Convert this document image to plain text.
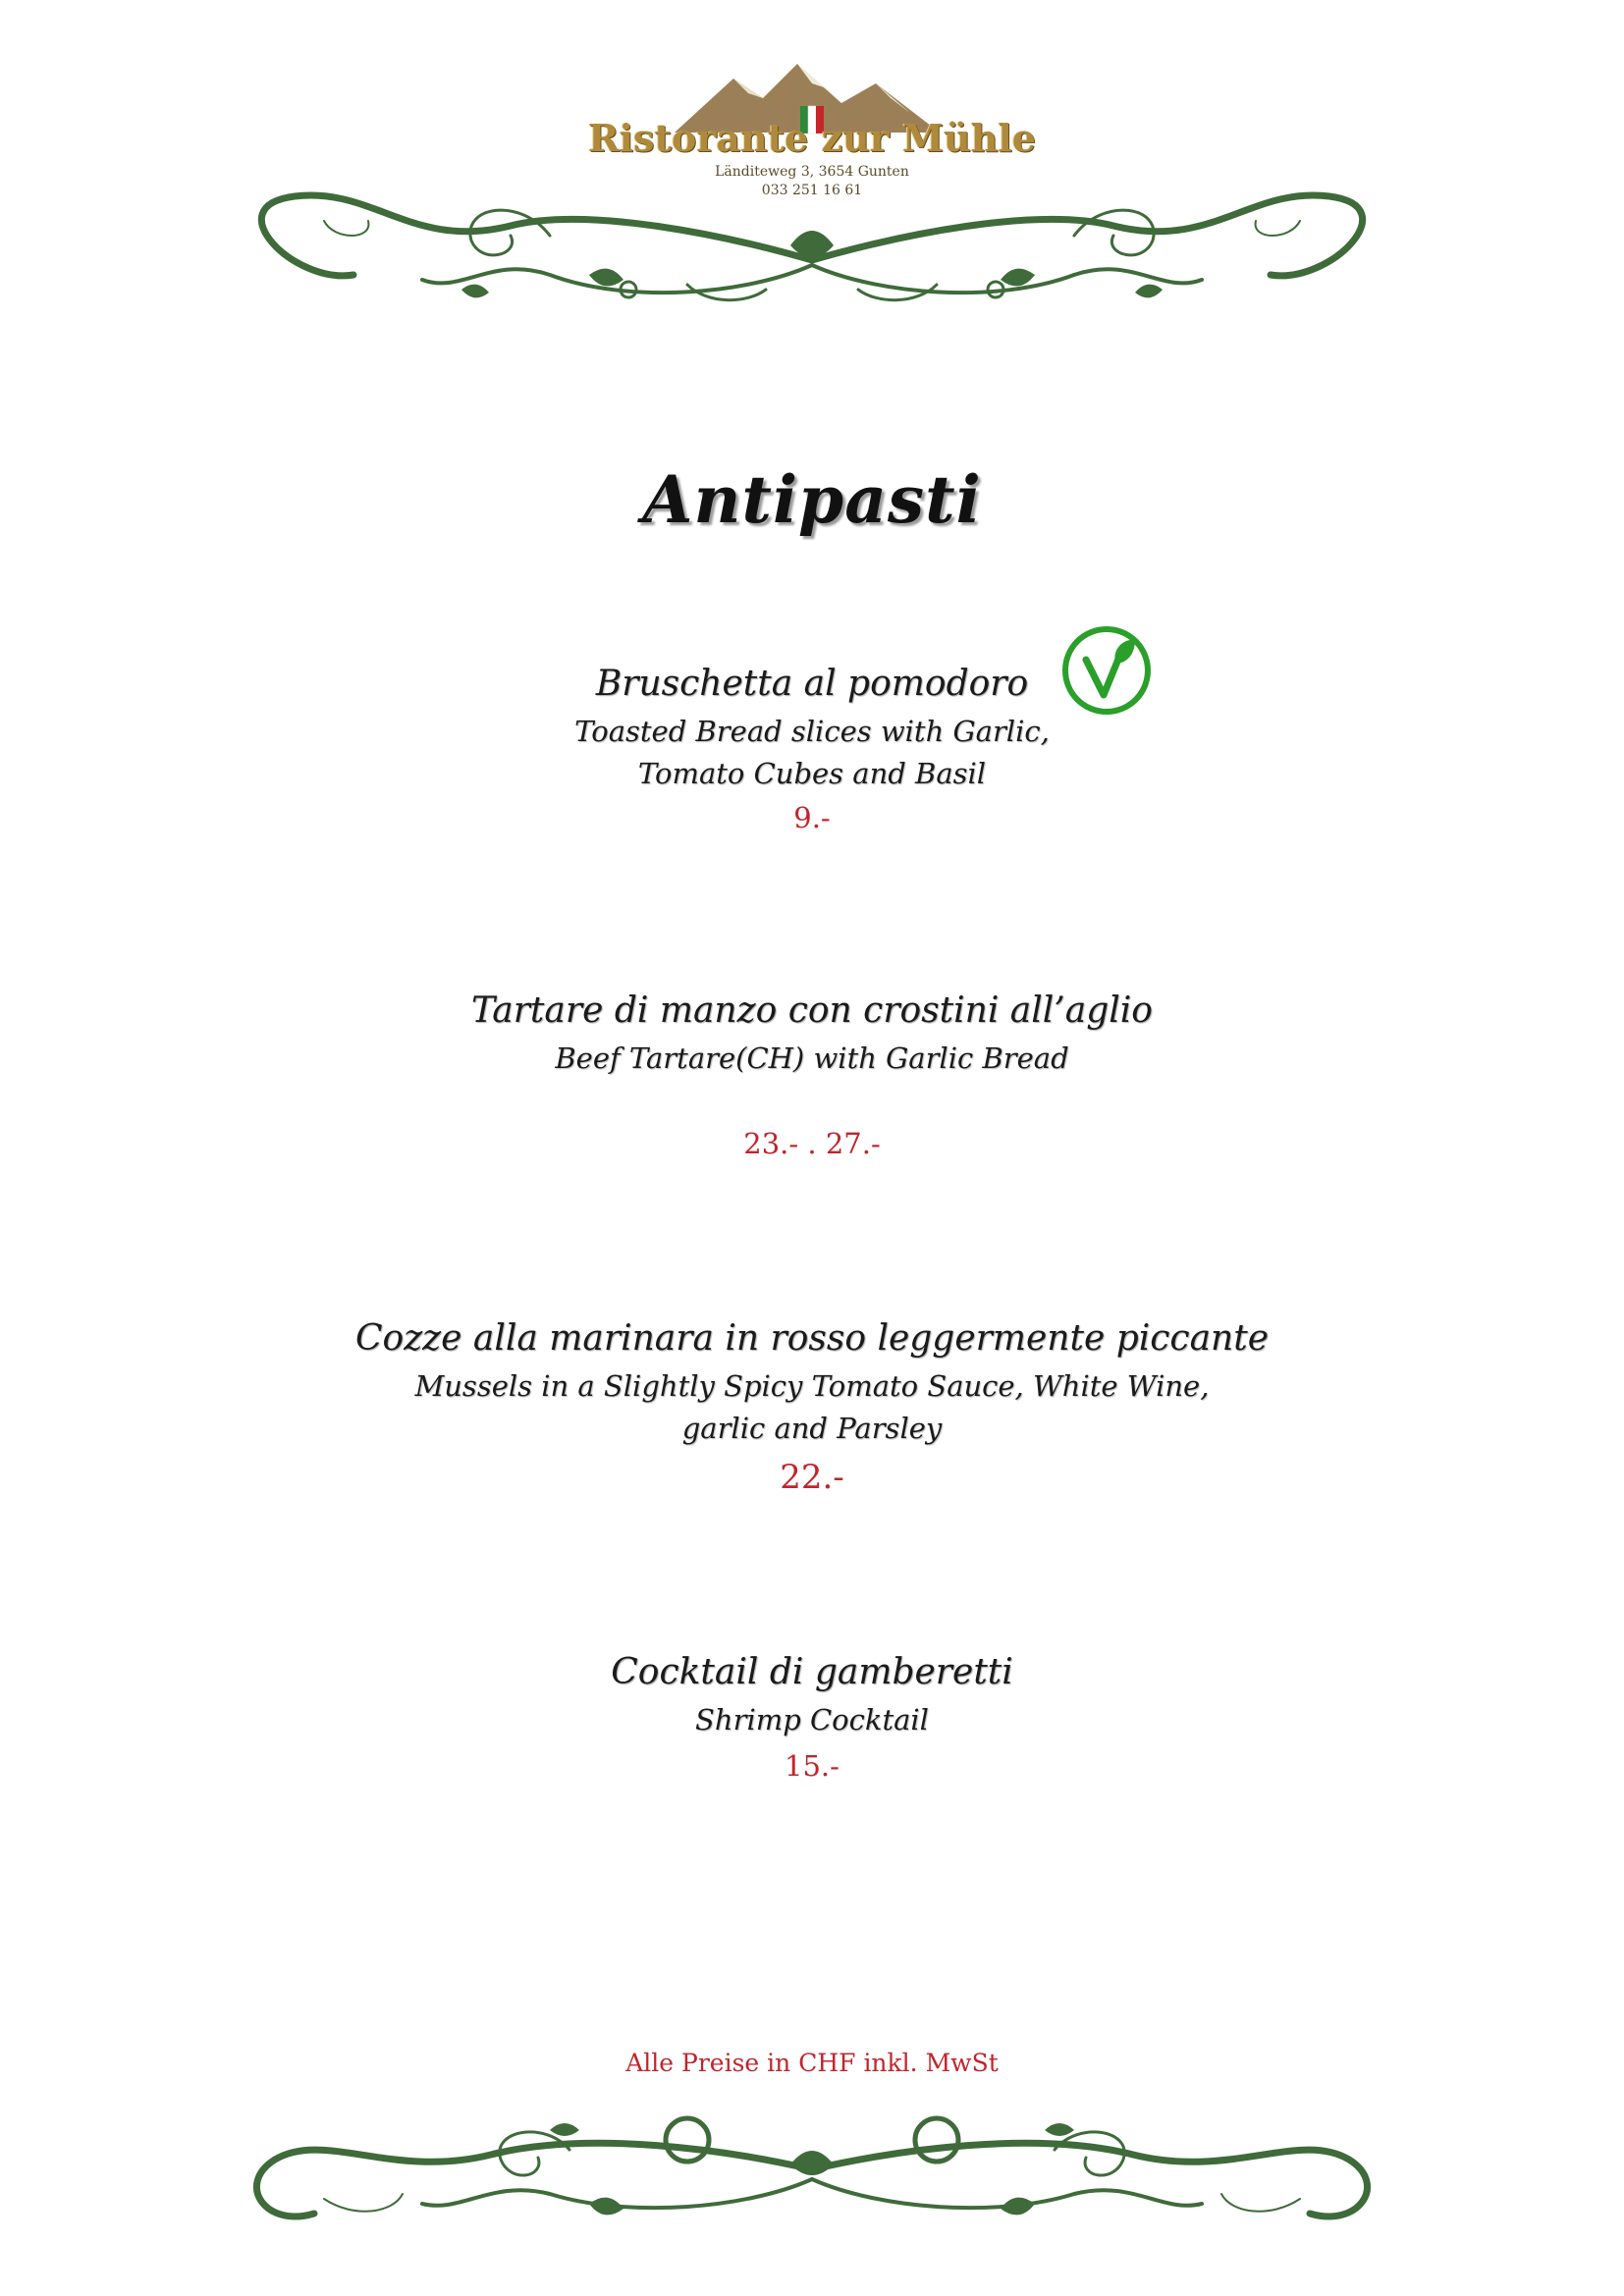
Ristorante zur Mühle
Länditeweg 3, 3654 Gunten
033 251 16 61
Antipasti
Bruschetta al pomodoro
Toasted Bread slices with Garlic,
Tomato Cubes and Basil
9.-
Tartare di manzo con crostini all’aglio
Beef Tartare(CH) with Garlic Bread
23.- . 27.-
Cozze alla marinara in rosso leggermente piccante
Mussels in a Slightly Spicy Tomato Sauce, White Wine,
garlic and Parsley
22.-
Cocktail di gamberetti
Shrimp Cocktail
15.-
Alle Preise in CHF inkl. MwSt
